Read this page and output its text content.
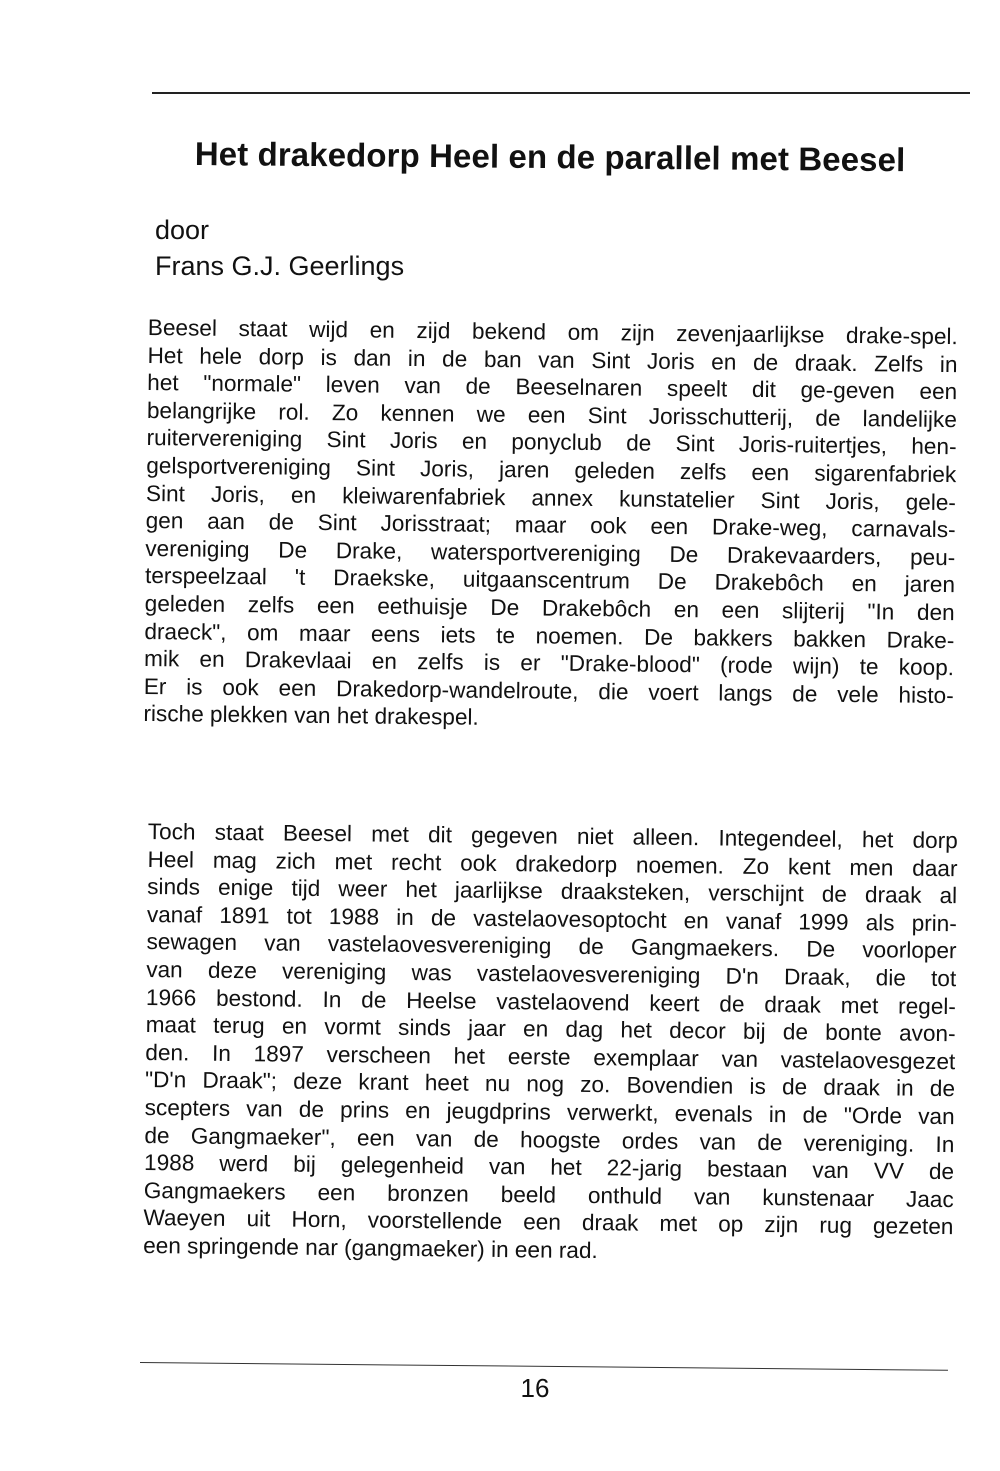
Het drakedorp Heel en de parallel met Beesel
door
Frans G.J. Geerlings
Beesel staat wijd en zijd bekend om zijn zevenjaarlijkse drake-spel.
Het hele dorp is dan in de ban van Sint Joris en de draak. Zelfs in
het "normale" leven van de Beeselnaren speelt dit ge-geven een
belangrijke rol. Zo kennen we een Sint Jorisschutterij, de landelijke
ruitervereniging Sint Joris en ponyclub de Sint Joris-ruitertjes, hen-
gelsportvereniging Sint Joris, jaren geleden zelfs een sigarenfabriek
Sint Joris, en kleiwarenfabriek annex kunstatelier Sint Joris, gele-
gen aan de Sint Jorisstraat; maar ook een Drake-weg, carnavals-
vereniging De Drake, watersportvereniging De Drakevaarders, peu-
terspeelzaal 't Draekske, uitgaanscentrum De Drakebôch en jaren
geleden zelfs een eethuisje De Drakebôch en een slijterij "In den
draeck", om maar eens iets te noemen. De bakkers bakken Drake-
mik en Drakevlaai en zelfs is er "Drake-blood" (rode wijn) te koop.
Er is ook een Drakedorp-wandelroute, die voert langs de vele histo-
rische plekken van het drakespel.
Toch staat Beesel met dit gegeven niet alleen. Integendeel, het dorp
Heel mag zich met recht ook drakedorp noemen. Zo kent men daar
sinds enige tijd weer het jaarlijkse draaksteken, verschijnt de draak al
vanaf 1891 tot 1988 in de vastelaovesoptocht en vanaf 1999 als prin-
sewagen van vastelaovesvereniging de Gangmaekers. De voorloper
van deze vereniging was vastelaovesvereniging D'n Draak, die tot
1966 bestond. In de Heelse vastelaovend keert de draak met regel-
maat terug en vormt sinds jaar en dag het decor bij de bonte avon-
den. In 1897 verscheen het eerste exemplaar van vastelaovesgezet
"D'n Draak"; deze krant heet nu nog zo. Bovendien is de draak in de
scepters van de prins en jeugdprins verwerkt, evenals in de "Orde van
de Gangmaeker", een van de hoogste ordes van de vereniging. In
1988 werd bij gelegenheid van het 22-jarig bestaan van VV de
Gangmaekers een bronzen beeld onthuld van kunstenaar Jaac
Waeyen uit Horn, voorstellende een draak met op zijn rug gezeten
een springende nar (gangmaeker) in een rad.
16
